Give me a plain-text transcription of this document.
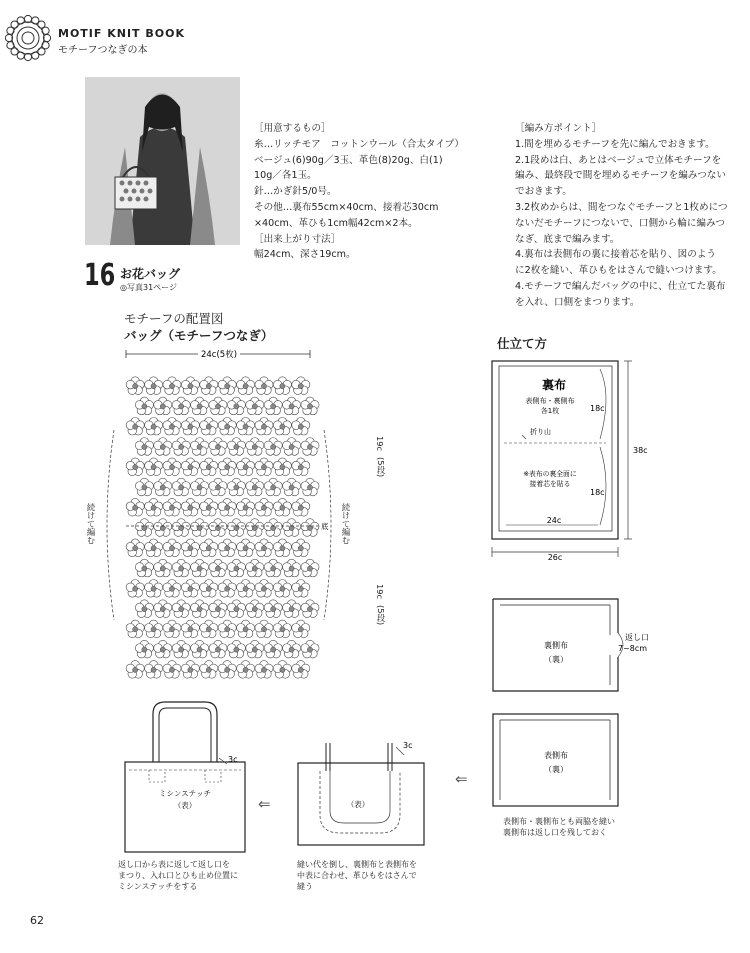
MOTIF KNIT BOOK
モチーフつなぎの本
［用意するもの］
糸…リッチモア　コットンウール（合太タイプ）
ベージュ(6)90g／3玉、革色(8)20g、白(1)
10g／各1玉。
針…かぎ針5/0号。
その他…裏布55cm×40cm、接着芯30cm
×40cm、革ひも1cm幅42cm×2本。
［出来上がり寸法］
幅24cm、深さ19cm。
［編み方ポイント］
1.間を埋めるモチーフを先に編んでおきます。
2.1段めは白、あとはベージュで立体モチーフを
編み、最終段で間を埋めるモチーフを編みつない
でおきます。
3.2枚めからは、間をつなぐモチーフと1枚めにつ
ないだモチーフにつないで、口側から輪に編みつ
なぎ、底まで編みます。
4.裏布は表側布の裏に接着芯を貼り、図のよう
に2枚を縫い、革ひもをはさんで縫いつけます。
4.モチーフで編んだバッグの中に、仕立てた裏布
を入れ、口側をまつります。
16 お花バッグ
◎写真31ページ
モチーフの配置図
バッグ（モチーフつなぎ）
24c(5枚)
底
19c
(5段)
19c
(5段)
続けて編む	続けて編む
仕立て方
裏布
表側布・裏側布
各1枚	18c
折り山
※表布の裏全面に
接着芯を貼る
18c
24c
26c
38c
裏側布
（裏）
返し口
7~8cm
表側布
（裏）
表側布・裏側布とも両脇を縫い
裏側布は返し口を残しておく
⇐
3c
（表）
縫い代を倒し、裏側布と表側布を
中表に合わせ、革ひもをはさんで
縫う
⇐
3c
ミシンステッチ
（表）
返し口から表に返して返し口を
まつり、入れ口とひも止め位置に
ミシンステッチをする
62
